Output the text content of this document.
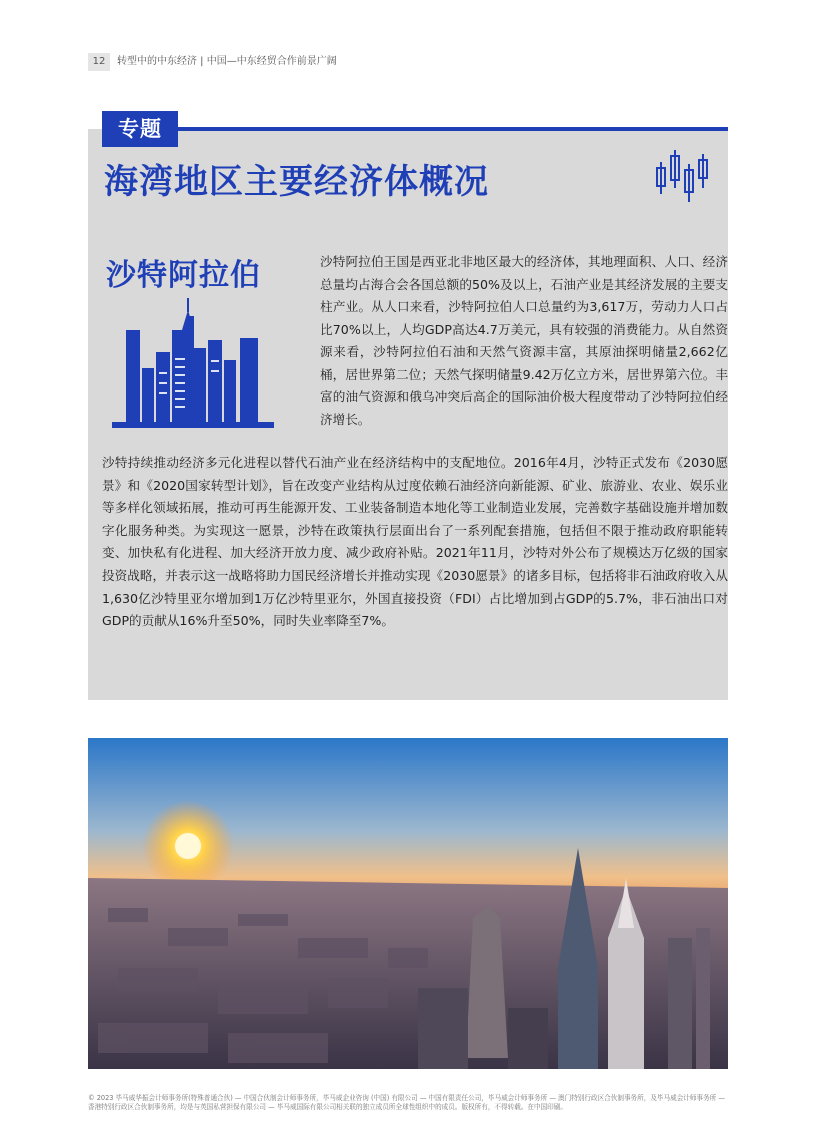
12	转型中的中东经济 | 中国—中东经贸合作前景广阔
专题
海湾地区主要经济体概况
沙特阿拉伯	沙特阿拉伯王国是西亚北非地区最大的经济体，其地理面积、人口、经济总量均占海合会各国总额的50%及以上，石油产业是其经济发展的主要支柱产业。从人口来看，沙特阿拉伯人口总量约为3,617万，劳动力人口占比70%以上，人均GDP高达4.7万美元，具有较强的消费能力。从自然资源来看，沙特阿拉伯石油和天然气资源丰富，其原油探明储量2,662亿桶，居世界第二位；天然气探明储量9.42万亿立方米，居世界第六位。丰富的油气资源和俄乌冲突后高企的国际油价极大程度带动了沙特阿拉伯经济增长。
沙特持续推动经济多元化进程以替代石油产业在经济结构中的支配地位。2016年4月，沙特正式发布《2030愿景》和《2020国家转型计划》，旨在改变产业结构从过度依赖石油经济向新能源、矿业、旅游业、农业、娱乐业等多样化领域拓展，推动可再生能源开发、工业装备制造本地化等工业制造业发展，完善数字基础设施并增加数字化服务种类。为实现这一愿景，沙特在政策执行层面出台了一系列配套措施，包括但不限于推动政府职能转变、加快私有化进程、加大经济开放力度、减少政府补贴。2021年11月，沙特对外公布了规模达万亿级的国家投资战略，并表示这一战略将助力国民经济增长并推动实现《2030愿景》的诸多目标，包括将非石油政府收入从1,630亿沙特里亚尔增加到1万亿沙特里亚尔，外国直接投资（FDI）占比增加到占GDP的5.7%，非石油出口对GDP的贡献从16%升至50%，同时失业率降至7%。
© 2023 毕马威华振会计师事务所(特殊普通合伙) — 中国合伙制会计师事务所，毕马威企业咨询 (中国) 有限公司 — 中国有限责任公司，毕马威会计师事务所 — 澳门特别行政区合伙制事务所，及毕马威会计师事务所 — 香港特别行政区合伙制事务所，均是与英国私营担保有限公司 — 毕马威国际有限公司相关联的独立成员所全球性组织中的成员。版权所有，不得转载。在中国印刷。
